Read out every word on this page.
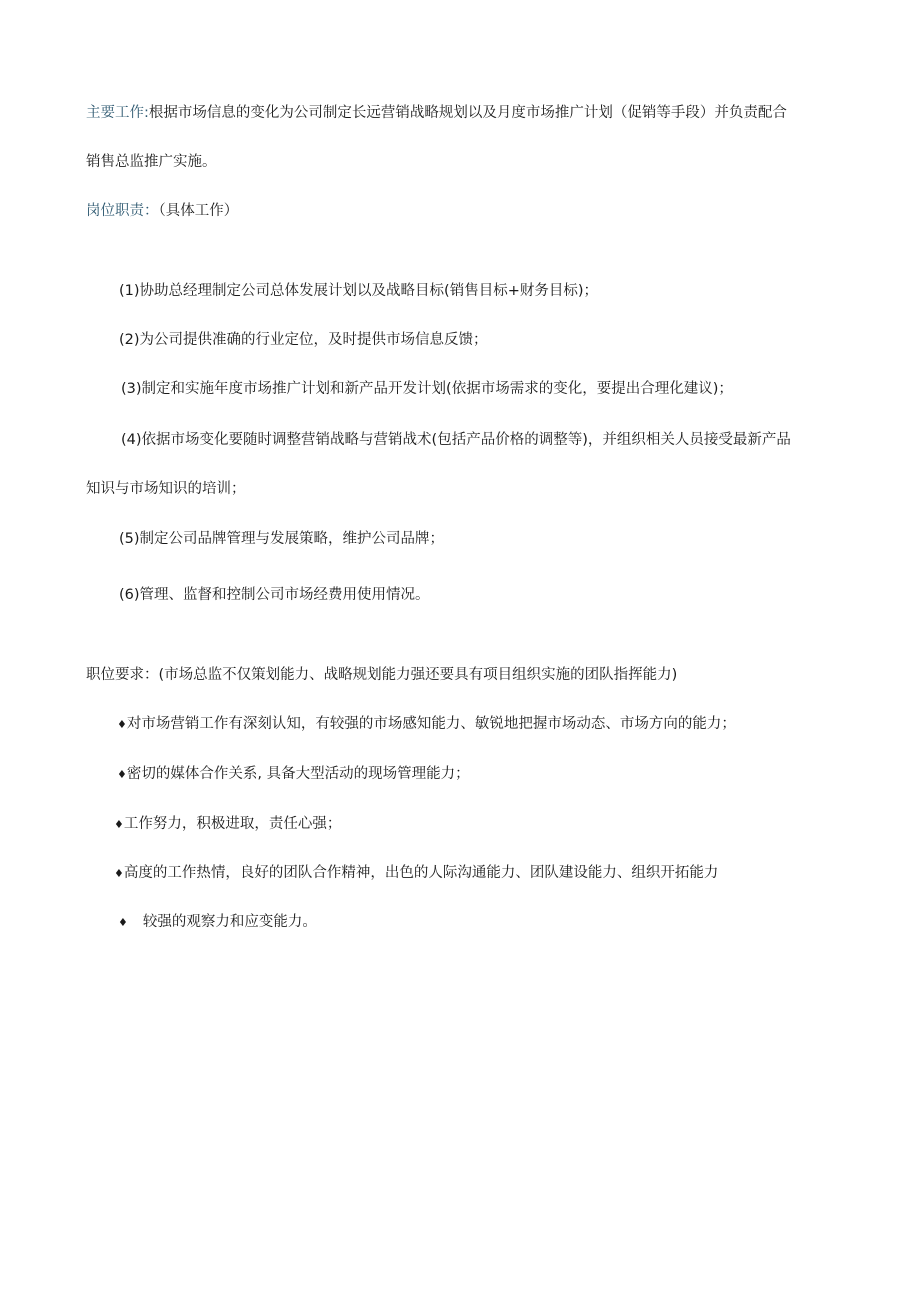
主要工作:根据市场信息的变化为公司制定长远营销战略规划以及月度市场推广计划（促销等手段）并负责配合
销售总监推广实施。
岗位职责：（具体工作）
(1)协助总经理制定公司总体发展计划以及战略目标(销售目标+财务目标)；
(2)为公司提供准确的行业定位，及时提供市场信息反馈；
(3)制定和实施年度市场推广计划和新产品开发计划(依据市场需求的变化，要提出合理化建议)；
(4)依据市场变化要随时调整营销战略与营销战术(包括产品价格的调整等)，并组织相关人员接受最新产品
知识与市场知识的培训；
(5)制定公司品牌管理与发展策略，维护公司品牌；
(6)管理、监督和控制公司市场经费用使用情况。
职位要求：(市场总监不仅策划能力、战略规划能力强还要具有项目组织实施的团队指挥能力)
♦对市场营销工作有深刻认知，有较强的市场感知能力、敏锐地把握市场动态、市场方向的能力；
♦密切的媒体合作关系, 具备大型活动的现场管理能力；
♦工作努力，积极进取，责任心强；
♦高度的工作热情，良好的团队合作精神，出色的人际沟通能力、团队建设能力、组织开拓能力
♦ 较强的观察力和应变能力。
